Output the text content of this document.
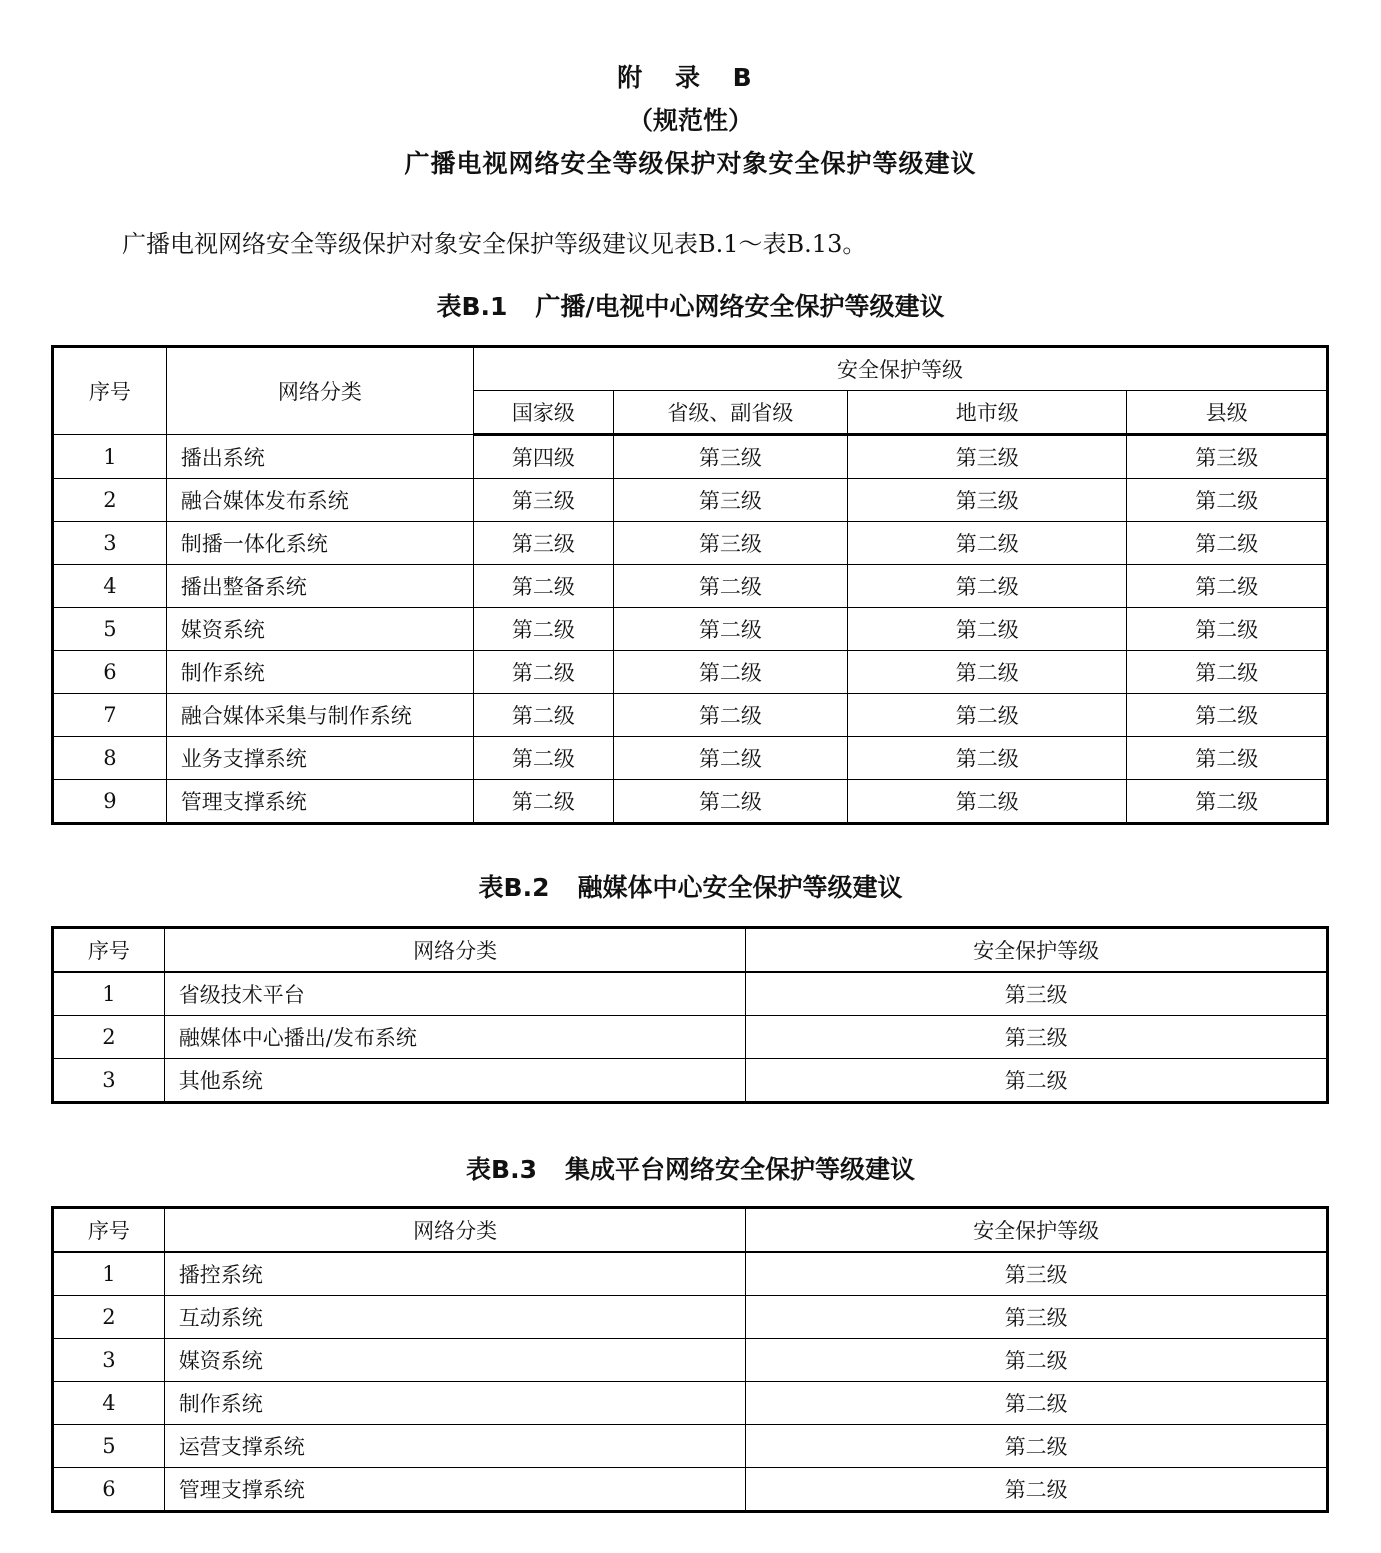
附 录 B
（规范性）
广播电视网络安全等级保护对象安全保护等级建议
广播电视网络安全等级保护对象安全保护等级建议见表B.1～表B.13。
表B.1 广播/电视中心网络安全保护等级建议
序号	网络分类	安全保护等级			
		国家级	省级、副省级	地市级	县级
1	播出系统	第四级	第三级	第三级	第三级
2	融合媒体发布系统	第三级	第三级	第三级	第二级
3	制播一体化系统	第三级	第三级	第二级	第二级
4	播出整备系统	第二级	第二级	第二级	第二级
5	媒资系统	第二级	第二级	第二级	第二级
6	制作系统	第二级	第二级	第二级	第二级
7	融合媒体采集与制作系统	第二级	第二级	第二级	第二级
8	业务支撑系统	第二级	第二级	第二级	第二级
9	管理支撑系统	第二级	第二级	第二级	第二级
表B.2 融媒体中心安全保护等级建议
序号	网络分类	安全保护等级
1	省级技术平台	第三级
2	融媒体中心播出/发布系统	第三级
3	其他系统	第二级
表B.3 集成平台网络安全保护等级建议
序号	网络分类	安全保护等级
1	播控系统	第三级
2	互动系统	第三级
3	媒资系统	第二级
4	制作系统	第二级
5	运营支撑系统	第二级
6	管理支撑系统	第二级
